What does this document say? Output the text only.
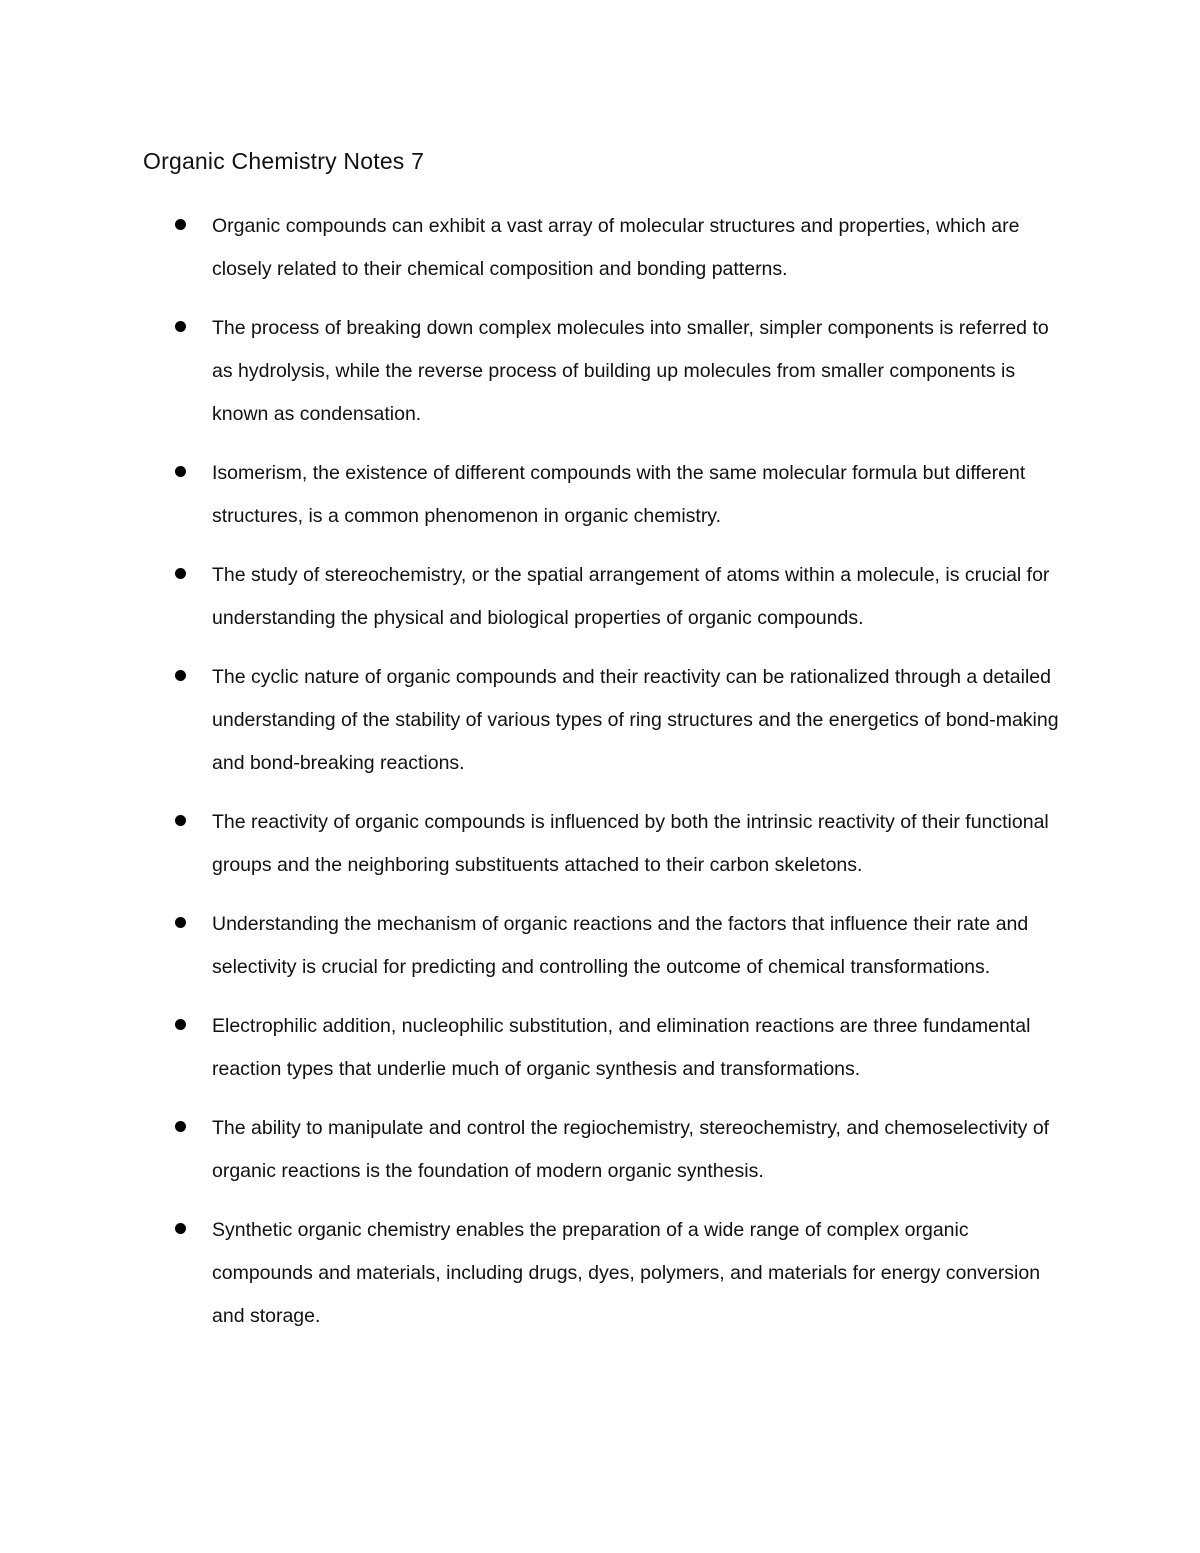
Organic Chemistry Notes 7
Organic compounds can exhibit a vast array of molecular structures and properties, which are closely related to their chemical composition and bonding patterns.
The process of breaking down complex molecules into smaller, simpler components is referred to as hydrolysis, while the reverse process of building up molecules from smaller components is known as condensation.
Isomerism, the existence of different compounds with the same molecular formula but different structures, is a common phenomenon in organic chemistry.
The study of stereochemistry, or the spatial arrangement of atoms within a molecule, is crucial for understanding the physical and biological properties of organic compounds.
The cyclic nature of organic compounds and their reactivity can be rationalized through a detailed understanding of the stability of various types of ring structures and the energetics of bond-making and bond-breaking reactions.
The reactivity of organic compounds is influenced by both the intrinsic reactivity of their functional groups and the neighboring substituents attached to their carbon skeletons.
Understanding the mechanism of organic reactions and the factors that influence their rate and selectivity is crucial for predicting and controlling the outcome of chemical transformations.
Electrophilic addition, nucleophilic substitution, and elimination reactions are three fundamental reaction types that underlie much of organic synthesis and transformations.
The ability to manipulate and control the regiochemistry, stereochemistry, and chemoselectivity of organic reactions is the foundation of modern organic synthesis.
Synthetic organic chemistry enables the preparation of a wide range of complex organic compounds and materials, including drugs, dyes, polymers, and materials for energy conversion and storage.
